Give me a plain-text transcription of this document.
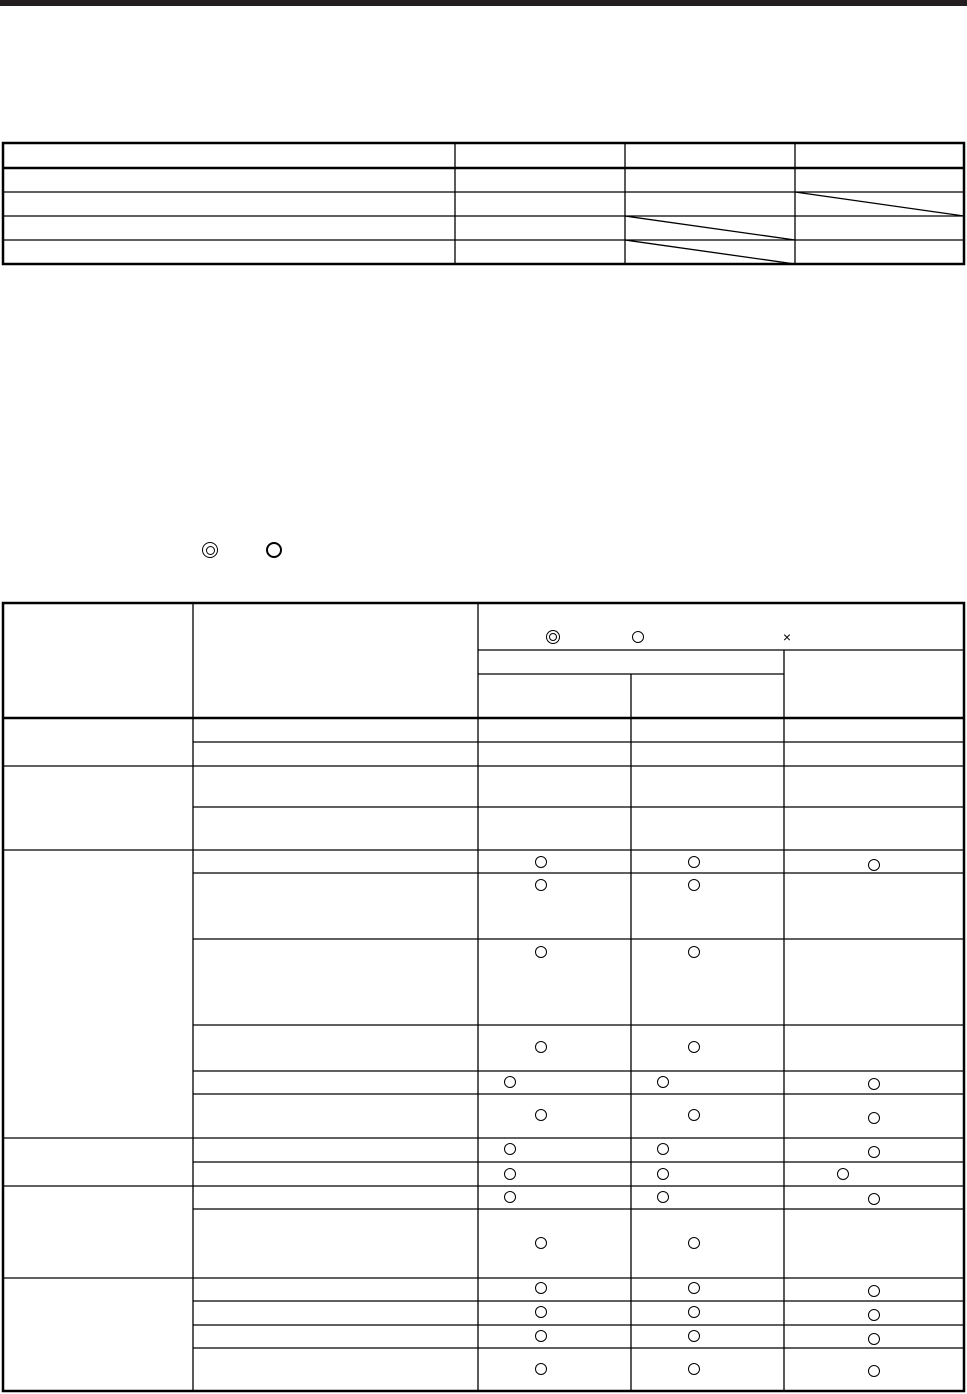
×
